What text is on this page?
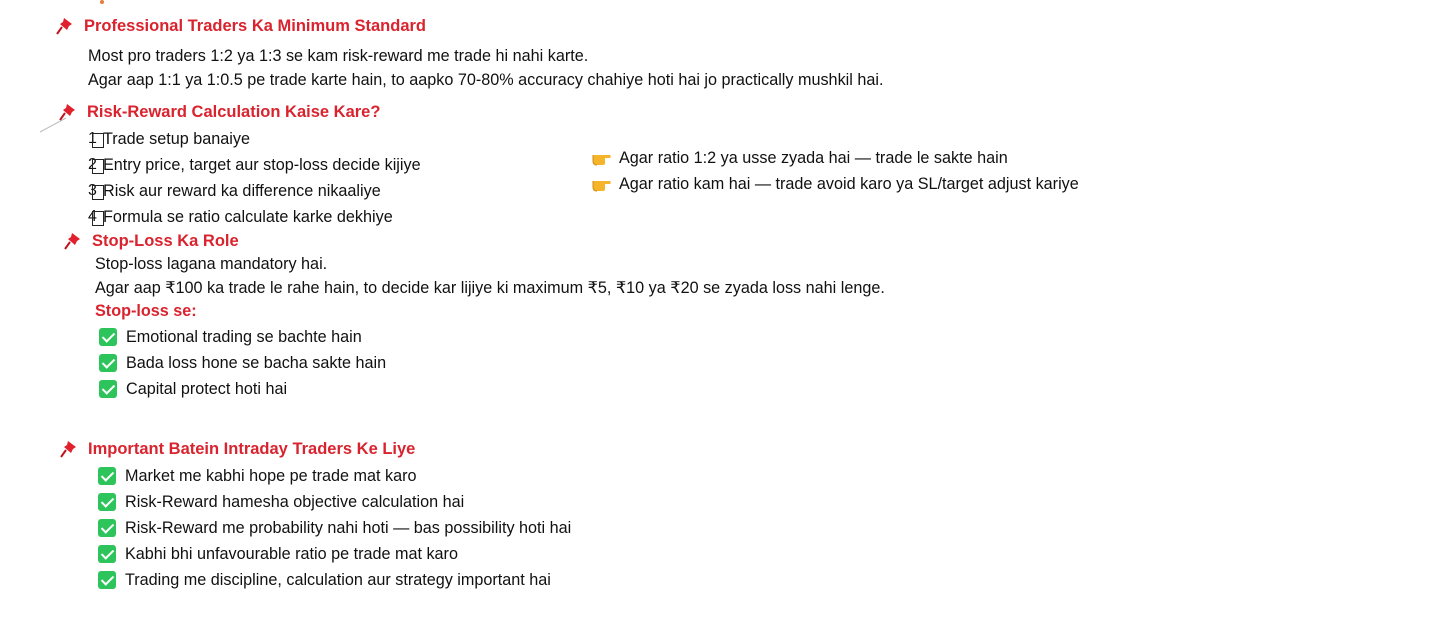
Professional Traders Ka Minimum Standard
Most pro traders 1:2 ya 1:3 se kam risk-reward me trade hi nahi karte.
Agar aap 1:1 ya 1:0.5 pe trade karte hain, to aapko 70-80% accuracy chahiye hoti hai jo practically mushkil hai.
Risk-Reward Calculation Kaise Kare?
1 Trade setup banaiye
2 Entry price, target aur stop-loss decide kijiye
3 Risk aur reward ka difference nikaaliye
4 Formula se ratio calculate karke dekhiye
Agar ratio 1:2 ya usse zyada hai — trade le sakte hain
Agar ratio kam hai — trade avoid karo ya SL/target adjust kariye
Stop-Loss Ka Role
Stop-loss lagana mandatory hai.
Agar aap ₹100 ka trade le rahe hain, to decide kar lijiye ki maximum ₹5, ₹10 ya ₹20 se zyada loss nahi lenge.
Stop-loss se:
Emotional trading se bachte hain
Bada loss hone se bacha sakte hain
Capital protect hoti hai
Important Batein Intraday Traders Ke Liye
Market me kabhi hope pe trade mat karo
Risk-Reward hamesha objective calculation hai
Risk-Reward me probability nahi hoti — bas possibility hoti hai
Kabhi bhi unfavourable ratio pe trade mat karo
Trading me discipline, calculation aur strategy important hai
